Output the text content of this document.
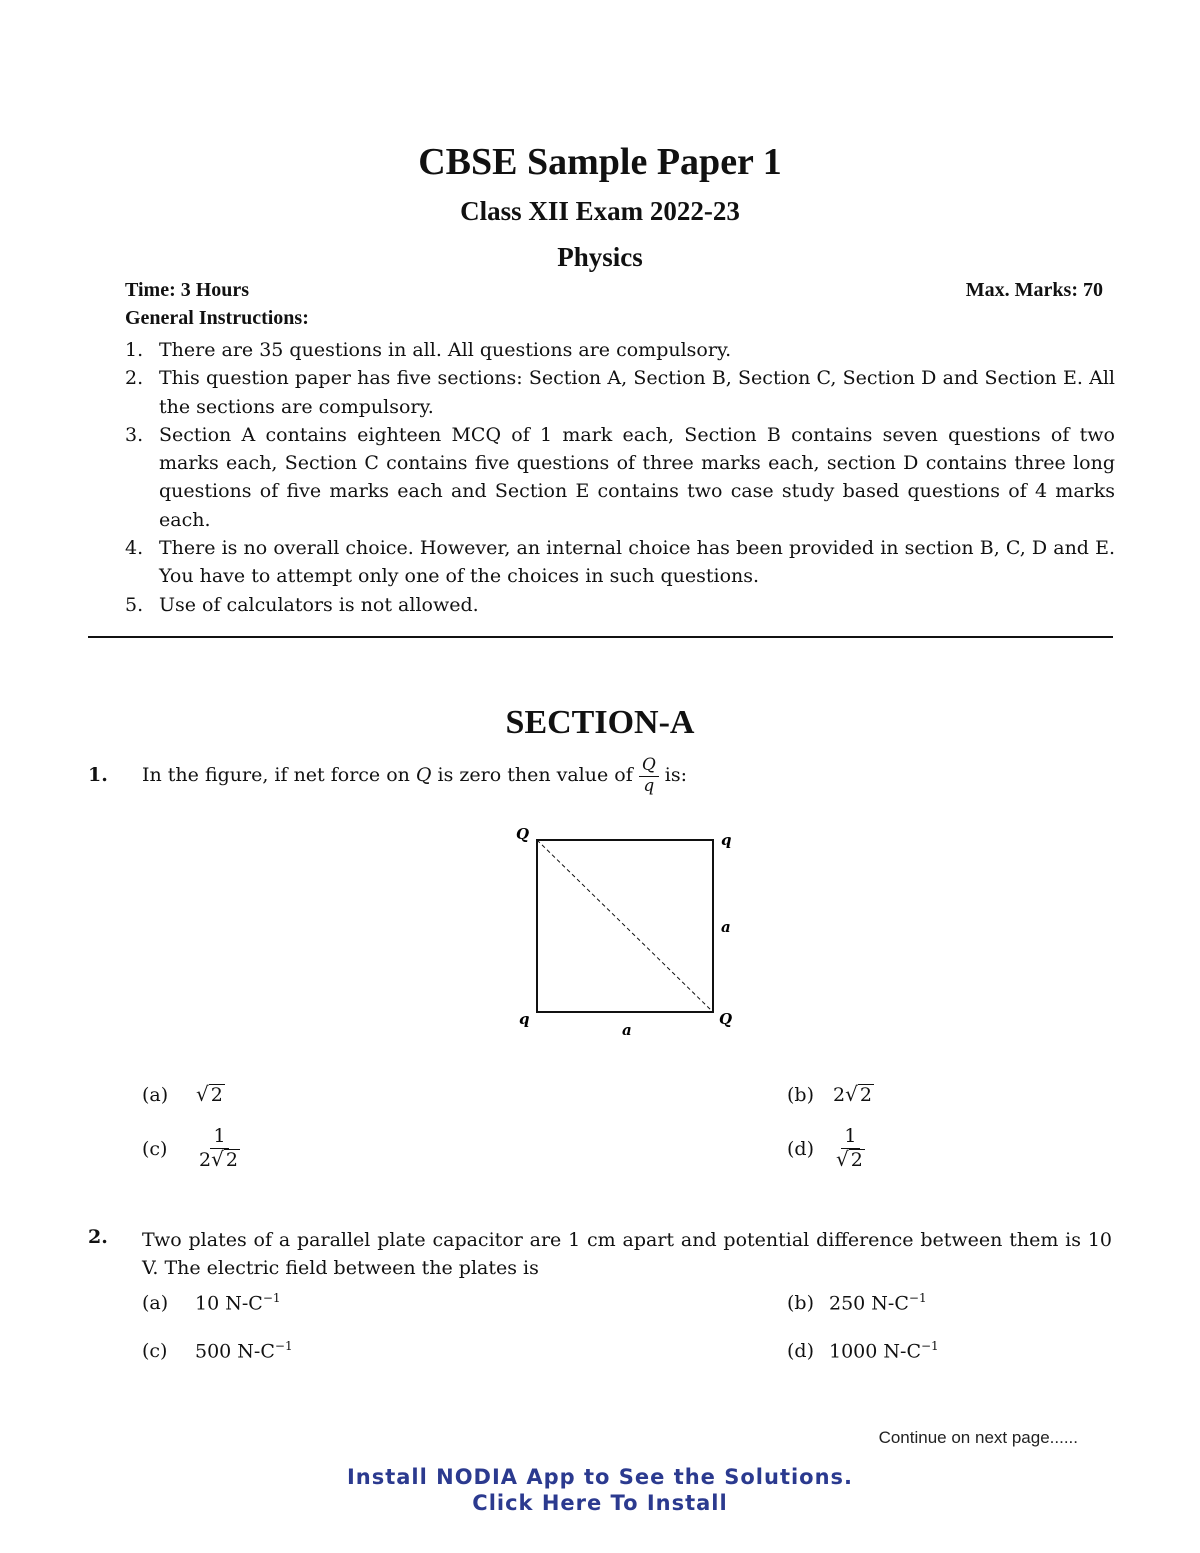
CBSE Sample Paper 1
Class XII Exam 2022-23
Physics
Time: 3 Hours	Max. Marks: 70
General Instructions:
1. There are 35 questions in all. All questions are compulsory.
2. This question paper has five sections: Section A, Section B, Section C, Section D and Section E. All the sections are compulsory.
3. Section A contains eighteen MCQ of 1 mark each, Section B contains seven questions of two marks each, Section C contains five questions of three marks each, section D contains three long questions of five marks each and Section E contains two case study based questions of 4 marks each.
4. There is no overall choice. However, an internal choice has been provided in section B, C, D and E. You have to attempt only one of the choices in such questions.
5. Use of calculators is not allowed.
SECTION-A
1. In the figure, if net force on Q is zero then value of $\frac{Q}{q}$ is:
Q	q
a
q
a
Q
(a) √ 2	(b) 2 √ 2
$(c) \frac{1}{2 √ 2}$	$(d) \frac{1}{√ 2}$
2. Two plates of a parallel plate capacitor are 1 cm apart and potential difference between them is 10 V. The electric field between the plates is
(a) 10 $N-C^{-1}$	(b) 250 $N-C^{-1}$
(c) 500 $N-C^{-1}$	(d) 1000 $N-C^{-1}$
Continue on next page......
Install NODIA App to See the Solutions.
Click Here To Install
